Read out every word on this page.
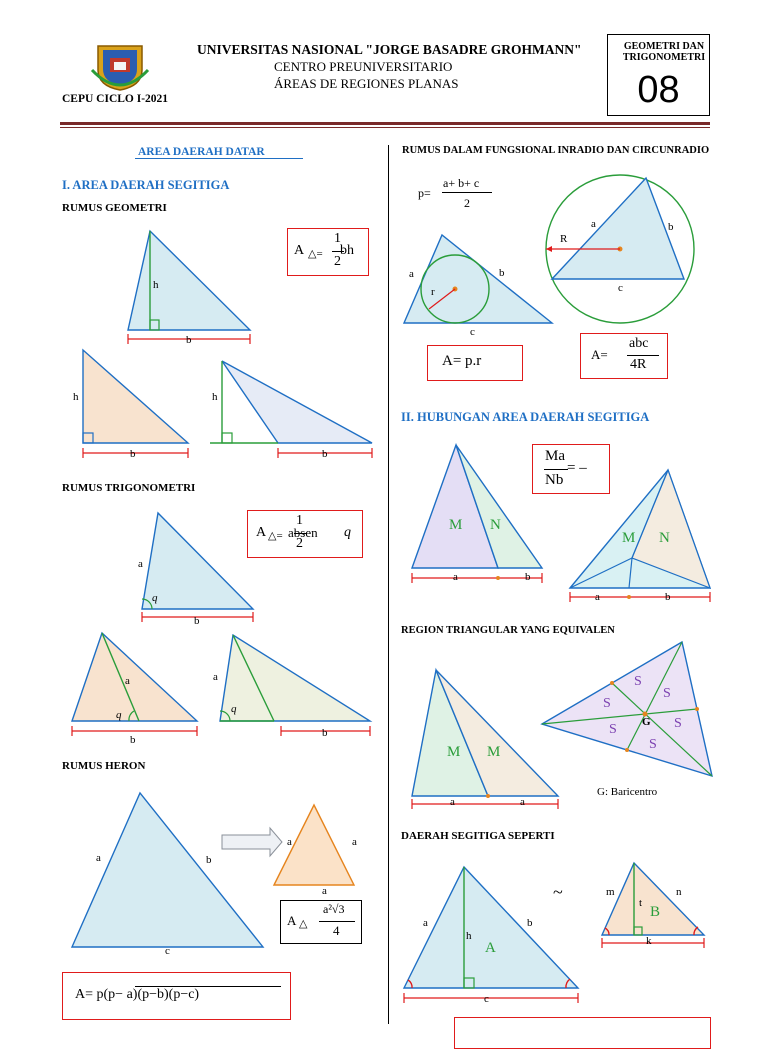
CEPU CICLO I-2021
UNIVERSITAS NASIONAL "JORGE BASADRE GROHMANN"
CENTRO PREUNIVERSITARIO
ÁREAS DE REGIONES PLANAS
GEOMETRI DAN TRIGONOMETRI
08
AREA DAERAH DATAR
I. AREA DAERAH SEGITIGA
RUMUS GEOMETRI
h
b
h
b
h
b
A △=
1
2
bh
RUMUS TRIGONOMETRI
a
q
b
a
q
b
a
q
b
A △=
1
2
absen q
RUMUS HERON
a	b
c
a	a
a
A △
a²√3
4
A= p(p− a)(p−b)(p−c)
RUMUS DALAM FUNGSIONAL INRADIO DAN CIRCUNRADIO
p=
a+ b+ c
2
a	b
c
r
R
a	b
c
A= p.r	A=
abc
4R
II. HUBUNGAN AREA DAERAH SEGITIGA
Ma
Nb
= –
M N
a	b
M N
a	b
REGION TRIANGULAR YANG EQUIVALEN
M M
a	a
S
S
S
S
S
S G
G: Baricentro
DAERAH SEGITIGA SEPERTI
a	b
h
A
c
~	m	n
t
B
k
